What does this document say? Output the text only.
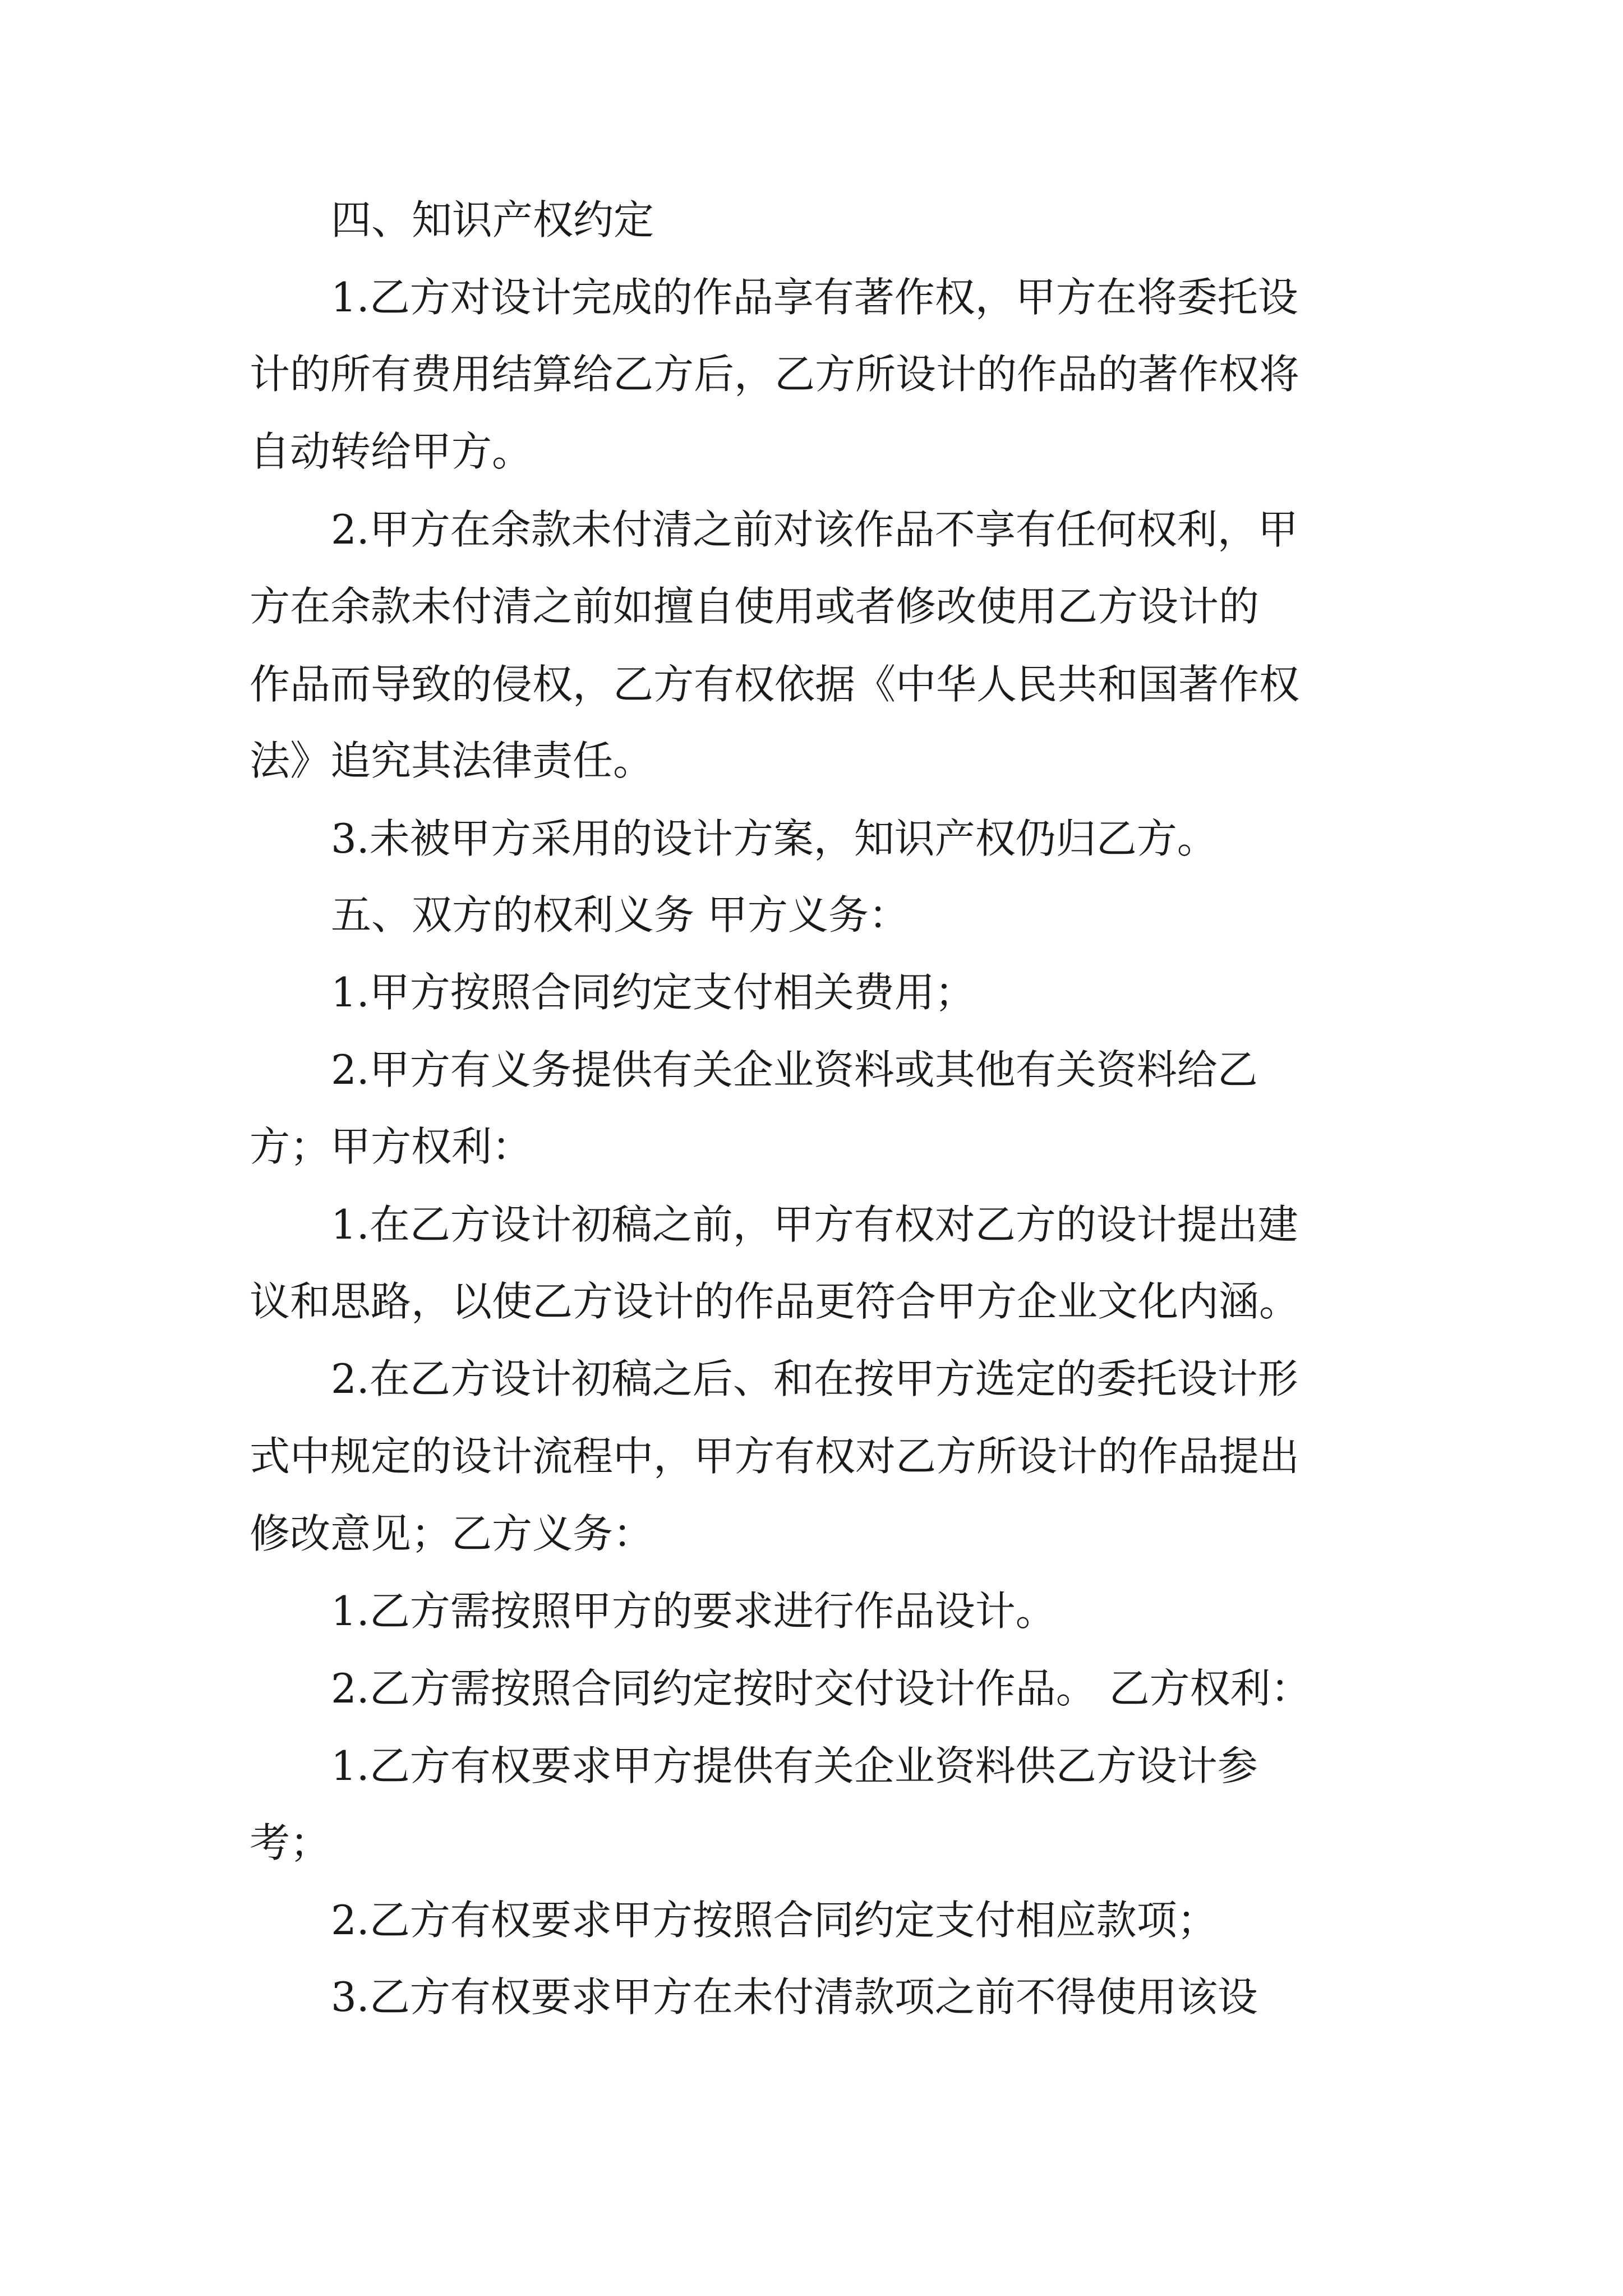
四、知识产权约定
1.乙方对设计完成的作品享有著作权，甲方在将委托设
计的所有费用结算给乙方后，乙方所设计的作品的著作权将
自动转给甲方。
2.甲方在余款未付清之前对该作品不享有任何权利，甲
方在余款未付清之前如擅自使用或者修改使用乙方设计的
作品而导致的侵权，乙方有权依据《中华人民共和国著作权
法》追究其法律责任。
3.未被甲方采用的设计方案，知识产权仍归乙方。
五、双方的权利义务 甲方义务：
1.甲方按照合同约定支付相关费用；
2.甲方有义务提供有关企业资料或其他有关资料给乙
方；甲方权利：
1.在乙方设计初稿之前，甲方有权对乙方的设计提出建
议和思路，以使乙方设计的作品更符合甲方企业文化内涵。
2.在乙方设计初稿之后、和在按甲方选定的委托设计形
式中规定的设计流程中，甲方有权对乙方所设计的作品提出
修改意见；乙方义务：
1.乙方需按照甲方的要求进行作品设计。
2.乙方需按照合同约定按时交付设计作品。 乙方权利：
1.乙方有权要求甲方提供有关企业资料供乙方设计参
考；
2.乙方有权要求甲方按照合同约定支付相应款项；
3.乙方有权要求甲方在未付清款项之前不得使用该设
